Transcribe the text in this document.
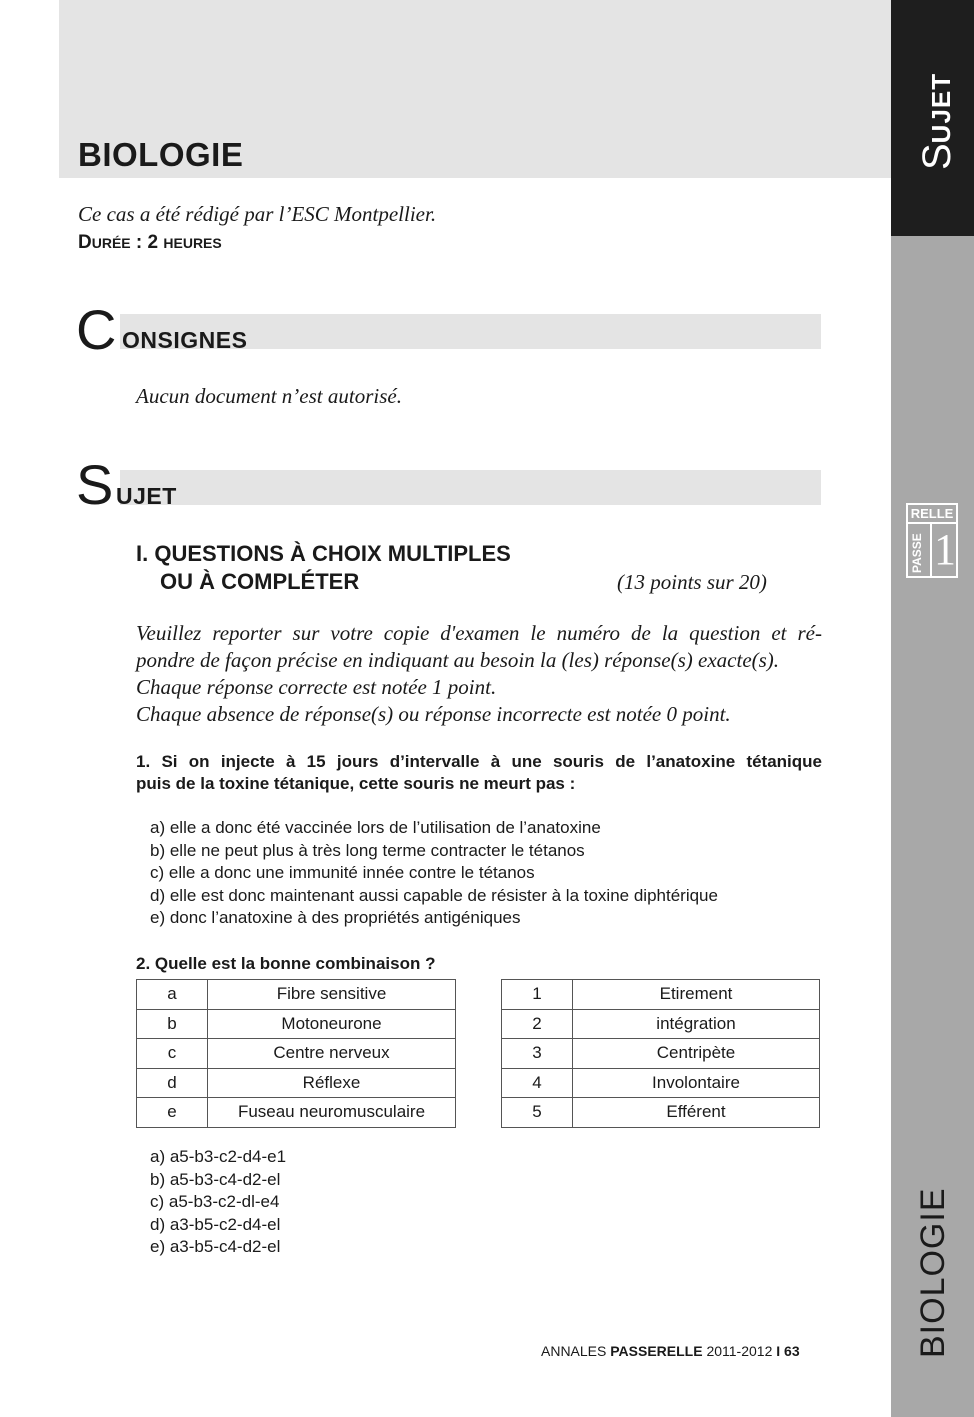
BIOLOGIE	SUJET
BIOLOGIE
RELLE
PASSE 1
Ce cas a été rédigé par l’ESC Montpellier.
DURÉE : 2 HEURES
C ONSIGNES
Aucun document n’est autorisé.
S UJET
I. QUESTIONS À CHOIX MULTIPLES
OU À COMPLÉTER	(13 points sur 20)

Veuillez reporter sur votre copie d'examen le numéro de la question et ré-

pondre de façon précise en indiquant au besoin la (les) réponse(s) exacte(s).

Chaque réponse correcte est notée 1 point.

Chaque absence de réponse(s) ou réponse incorrecte est notée 0 point.

1. Si on injecte à 15 jours d’intervalle à une souris de l’anatoxine tétanique
puis de la toxine tétanique, cette souris ne meurt pas :
a) elle a donc été vaccinée lors de l’utilisation de l’anatoxine
b) elle ne peut plus à très long terme contracter le tétanos
c) elle a donc une immunité innée contre le tétanos
d) elle est donc maintenant aussi capable de résister à la toxine diphtérique
e) donc l’anatoxine à des propriétés antigéniques
2. Quelle est la bonne combinaison ?
a	Fibre sensitive
b	Motoneurone
c	Centre nerveux
d	Réflexe
e	Fuseau neuromusculaire
1	Etirement
2	intégration
3	Centripète
4	Involontaire
5	Efférent
a) a5-b3-c2-d4-e1
b) a5-b3-c4-d2-el
c) a5-b3-c2-dl-e4
d) a3-b5-c2-d4-el
e) a3-b5-c4-d2-el
ANNALES PASSERELLE 2011-2012 I 63
